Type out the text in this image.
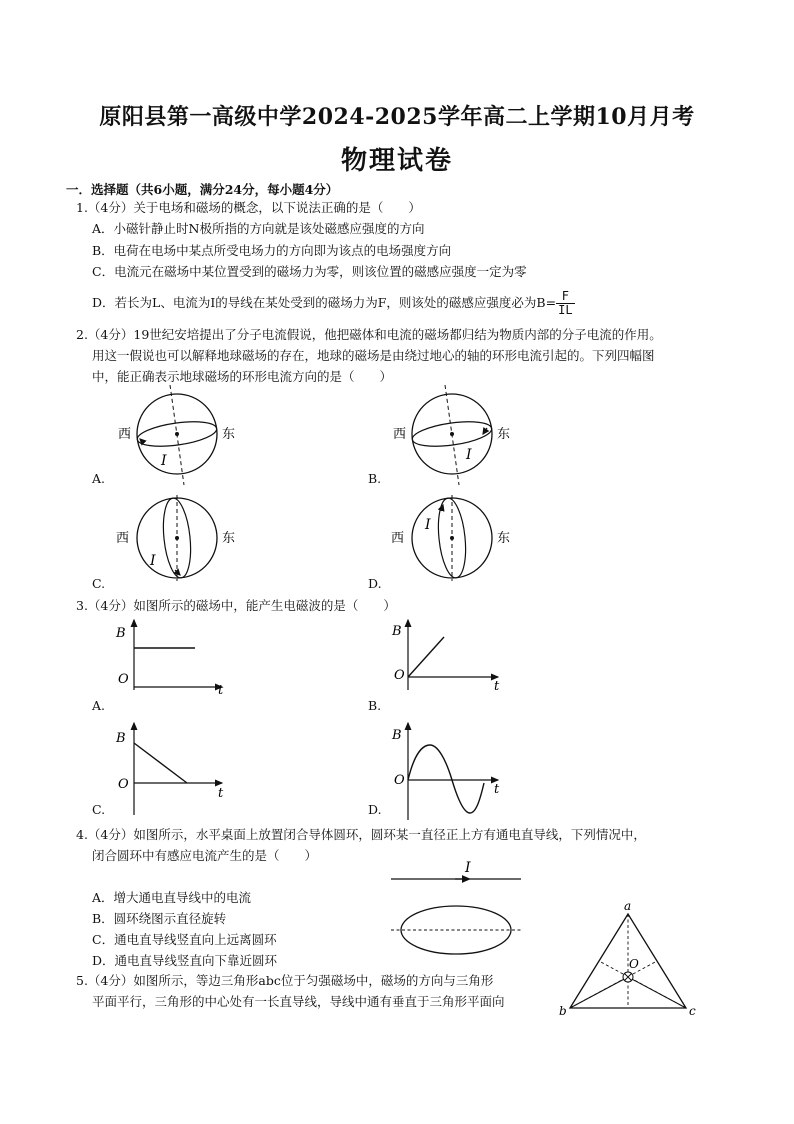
原阳县第一高级中学2024-2025学年高二上学期10月月考
物理试卷
一．选择题（共6小题，满分24分，每小题4分）
1.（4分）关于电场和磁场的概念，以下说法正确的是（　　）
A．小磁针静止时N极所指的方向就是该处磁感应强度的方向
B．电荷在电场中某点所受电场力的方向即为该点的电场强度方向
C．电流元在磁场中某位置受到的磁场力为零，则该位置的磁感应强度一定为零
D．若长为L、电流为I的导线在某处受到的磁场力为F，则该处的磁感应强度必为$B= \frac{F}{IL}$
2.（4分）19世纪安培提出了分子电流假说，他把磁体和电流的磁场都归结为物质内部的分子电流的作用。
用这一假说也可以解释地球磁场的存在，地球的磁场是由绕过地心的轴的环形电流引起的。下列四幅图
中，能正确表示地球磁场的环形电流方向的是（　　）
西	东
I
西	东
I
西	东
I
西	东
I
A.	B.
C.	D.
3.（4分）如图所示的磁场中，能产生电磁波的是（　　）
B
O
t
B
O
t
B
O
t
B
O
t
A.	B.
C.	D.
4.（4分）如图所示，水平桌面上放置闭合导体圆环，圆环某一直径正上方有通电直导线，下列情况中，
闭合圆环中有感应电流产生的是（　　）
A．增大通电直导线中的电流
B．圆环绕图示直径旋转
C．通电直导线竖直向上远离圆环
D．通电直导线竖直向下靠近圆环
I
5.（4分）如图所示，等边三角形abc位于匀强磁场中，磁场的方向与三角形
平面平行，三角形的中心处有一长直导线，导线中通有垂直于三角形平面向
a
b	c
O
